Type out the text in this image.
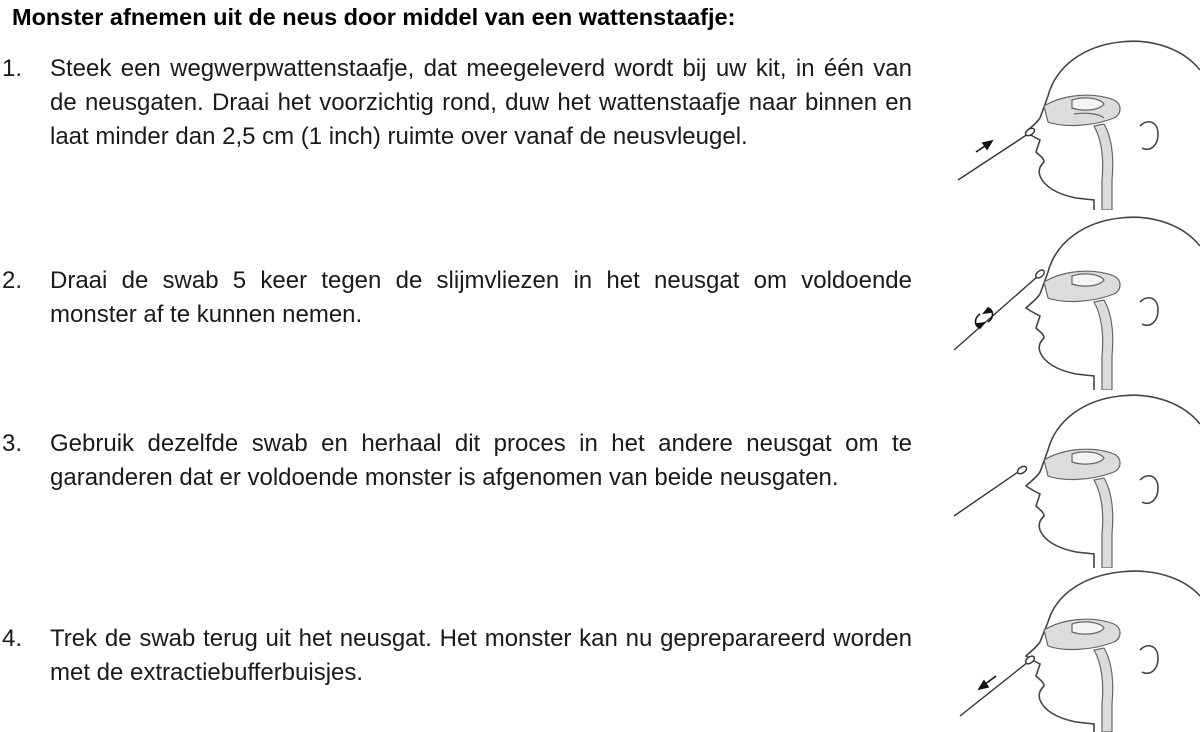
Monster afnemen uit de neus door middel van een wattenstaafje:
1. Steek een wegwerpwattenstaafje, dat meegeleverd wordt bij uw kit, in één van de neusgaten. Draai het voorzichtig rond, duw het wattenstaafje naar binnen en laat minder dan 2,5 cm (1 inch) ruimte over vanaf de neusvleugel.
2. Draai de swab 5 keer tegen de slijmvliezen in het neusgat om voldoende monster af te kunnen nemen.
3. Gebruik dezelfde swab en herhaal dit proces in het andere neusgat om te garanderen dat er voldoende monster is afgenomen van beide neusgaten.
4. Trek de swab terug uit het neusgat. Het monster kan nu gepreparareerd worden met de extractiebufferbuisjes.
